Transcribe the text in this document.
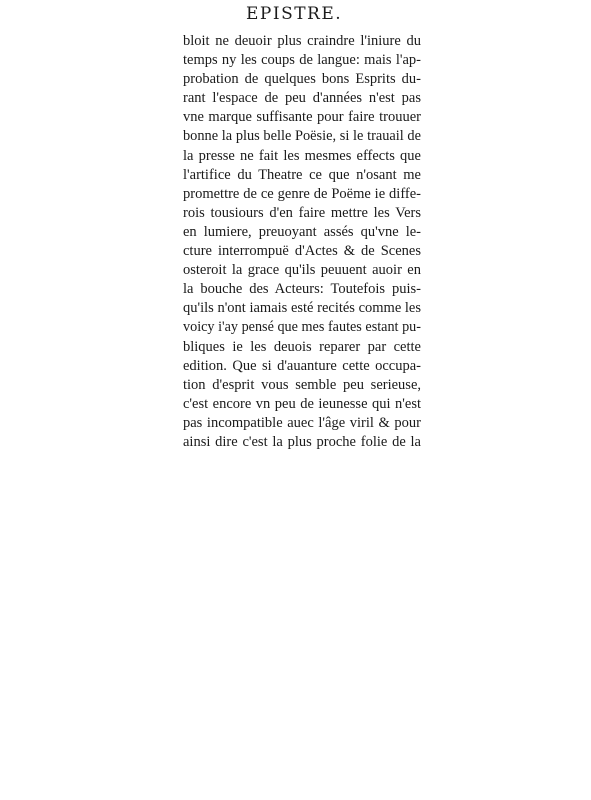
EPISTRE.
bloit ne deuoir plus craindre l'iniure du
temps ny les coups de langue: mais l'ap-
probation de quelques bons Esprits du-
rant l'espace de peu d'années n'est pas
vne marque suffisante pour faire trouuer
bonne la plus belle Poësie, si le trauail de
la presse ne fait les mesmes effects que
l'artifice du Theatre ce que n'osant me
promettre de ce genre de Poëme ie diffe-
rois tousiours d'en faire mettre les Vers
en lumiere, preuoyant assés qu'vne le-
cture interrompuë d'Actes & de Scenes
osteroit la grace qu'ils peuuent auoir en
la bouche des Acteurs: Toutefois puis-
qu'ils n'ont iamais esté recités comme les
voicy i'ay pensé que mes fautes estant pu-
bliques ie les deuois reparer par cette
edition. Que si d'auanture cette occupa-
tion d'esprit vous semble peu serieuse,
c'est encore vn peu de ieunesse qui n'est
pas incompatible auec l'âge viril & pour
ainsi dire c'est la plus proche folie de la
